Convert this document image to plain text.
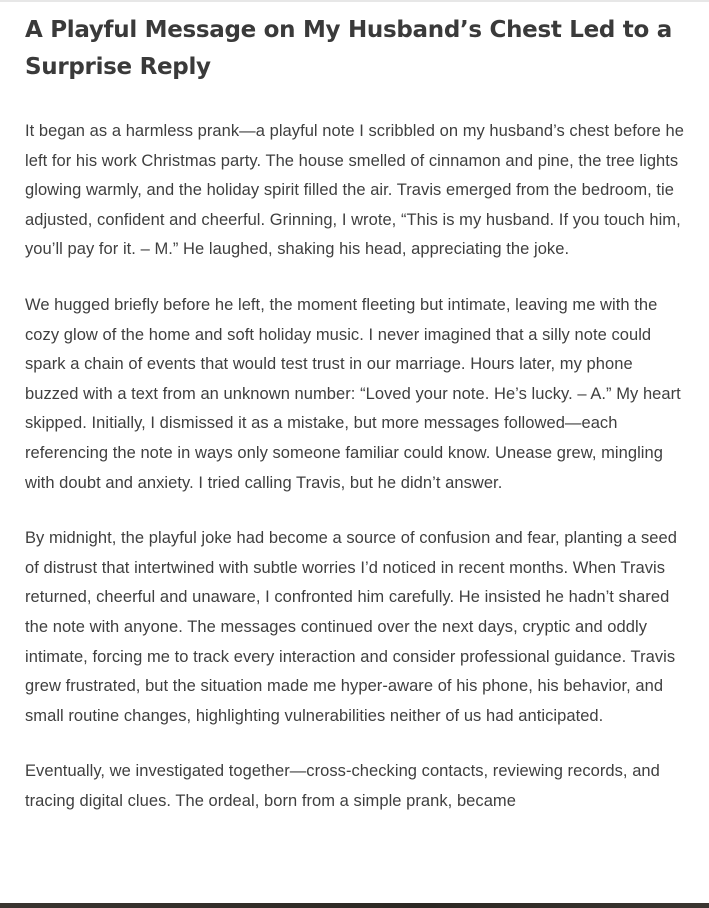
A Playful Message on My Husband’s Chest Led to a Surprise Reply

It began as a harmless prank—a playful note I scribbled on my husband’s chest before he left for his work Christmas party. The house smelled of cinnamon and pine, the tree lights glowing warmly, and the holiday spirit filled the air. Travis emerged from the bedroom, tie adjusted, confident and cheerful. Grinning, I wrote, “This is my husband. If you touch him, you’ll pay for it. – M.” He laughed, shaking his head, appreciating the joke.

We hugged briefly before he left, the moment fleeting but intimate, leaving me with the cozy glow of the home and soft holiday music. I never imagined that a silly note could spark a chain of events that would test trust in our marriage. Hours later, my phone buzzed with a text from an unknown number: “Loved your note. He’s lucky. – A.” My heart skipped. Initially, I dismissed it as a mistake, but more messages followed—each referencing the note in ways only someone familiar could know. Unease grew, mingling with doubt and anxiety. I tried calling Travis, but he didn’t answer.

By midnight, the playful joke had become a source of confusion and fear, planting a seed of distrust that intertwined with subtle worries I’d noticed in recent months. When Travis returned, cheerful and unaware, I confronted him carefully. He insisted he hadn’t shared the note with anyone. The messages continued over the next days, cryptic and oddly intimate, forcing me to track every interaction and consider professional guidance. Travis grew frustrated, but the situation made me hyper-aware of his phone, his behavior, and small routine changes, highlighting vulnerabilities neither of us had anticipated.

Eventually, we investigated together—cross-checking contacts, reviewing records, and tracing digital clues. The ordeal, born from a simple prank, became
